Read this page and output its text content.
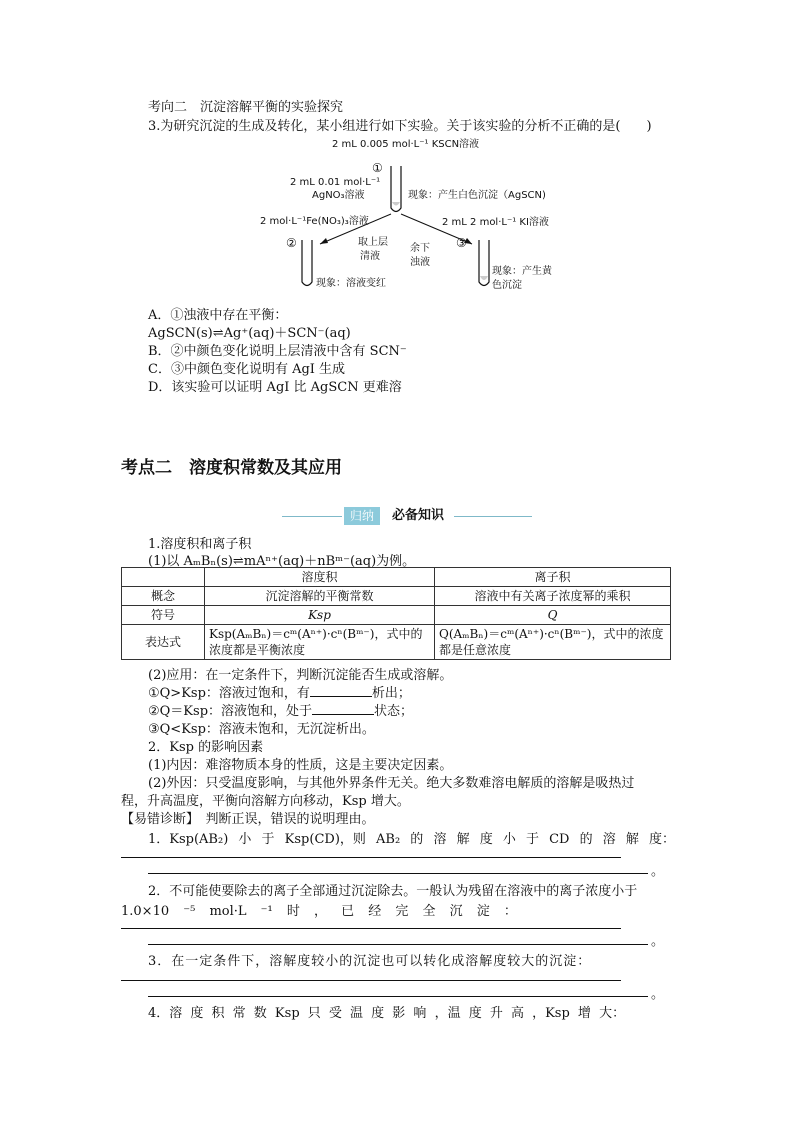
考向二　沉淀溶解平衡的实验探究
3.为研究沉淀的生成及转化，某小组进行如下实验。关于该实验的分析不正确的是(　　)
2 mL 0.005 mol·L⁻¹ KSCN溶液
①
2 mL 0.01 mol·L⁻¹
AgNO₃溶液	现象：产生白色沉淀（AgSCN)
2 mol·L⁻¹Fe(NO₃)₃溶液
取上层
清液
余下
浊液
2 mL 2 mol·L⁻¹ KI溶液
②	③
现象：溶液变红
现象：产生黄
色沉淀
A．①浊液中存在平衡：
AgSCN(s)⇌Ag⁺(aq)＋SCN⁻(aq)
B．②中颜色变化说明上层清液中含有 SCN⁻
C．③中颜色变化说明有 AgI 生成
D．该实验可以证明 AgI 比 AgSCN 更难溶
考点二　溶度积常数及其应用
归纳	必备知识
1.溶度积和离子积
(1)以 AₘBₙ(s)⇌mAⁿ⁺(aq)＋nBᵐ⁻(aq)为例。
	溶度积	离子积
概念	沉淀溶解的平衡常数	溶液中有关离子浓度幂的乘积
符号	Ksp	Q
表达式	Ksp(AₘBₙ)＝cᵐ(Aⁿ⁺)·cⁿ(Bᵐ⁻)，式中的浓度都是平衡浓度	Q(AₘBₙ)＝cᵐ(Aⁿ⁺)·cⁿ(Bᵐ⁻)，式中的浓度都是任意浓度
(2)应用：在一定条件下，判断沉淀能否生成或溶解。
①Q>Ksp：溶液过饱和，有	析出；
②Q＝Ksp：溶液饱和，处于	状态；
③Q<Ksp：溶液未饱和，无沉淀析出。
2．Ksp 的影响因素
(1)内因：难溶物质本身的性质，这是主要决定因素。
(2)外因：只受温度影响，与其他外界条件无关。绝大多数难溶电解质的溶解是吸热过
程，升高温度，平衡向溶解方向移动，Ksp 增大。
【易错诊断】　判断正误，错误的说明理由。
1．Ksp(AB₂) 小 于 Ksp(CD)，则 AB₂ 的 溶 解 度 小 于 CD 的 溶 解 度：
。
2．不可能使要除去的离子全部通过沉淀除去。一般认为残留在溶液中的离子浓度小于
1.0×10 ⁻⁵ mol·L ⁻¹ 时 ， 已 经 完 全 沉 淀 ：
。
3．在一定条件下，溶解度较小的沉淀也可以转化成溶解度较大的沉淀：
。
4．溶 度 积 常 数 Ksp 只 受 温 度 影 响 ，温 度 升 高 ，Ksp 增 大：
